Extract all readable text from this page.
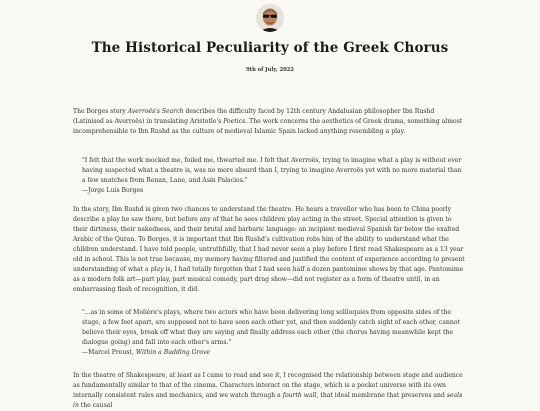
The Historical Peculiarity of the Greek Chorus
9th of July, 2022

The Borges story Averroës's Search describes the difficulty faced by 12th century Andalusian philosopher Ibn Rushd (Latinised as Averroës) in translating Aristotle's Poetics. The work concerns the aesthetics of Greek drama, something almost incomprehensible to Ibn Rushd as the culture of medieval Islamic Spain lacked anything resembling a play.

"I felt that the work mocked me, foiled me, thwarted me. I felt that Averroës, trying to imagine what a play is without ever having suspected what a theatre is, was no more absurd than I, trying to imagine Averroës yet with no more material than a few snatches from Renan, Lane, and Asín Palacios."
—Jorge Luis Borges

In the story, Ibn Rushd is given two chances to understand the theatre. He hears a traveller who has been to China poorly describe a play he saw there, but before any of that he sees children play acting in the street. Special attention is given to their dirtiness, their nakedness, and their brutal and barbaric language: an incipient medieval Spanish far below the exalted Arabic of the Quran. To Borges, it is important that Ibn Rushd's cultivation robs him of the ability to understand what the children understand. I have told people, untruthfully, that I had never seen a play before I first read Shakespeare as a 13 year old in school. This is not true because, my memory having filtered and justified the content of experience according to present understanding of what a play is, I had totally forgotten that I had seen half a dozen pantomime shows by that age. Pantomime as a modern folk art—part play, part musical comedy, part drag show—did not register as a form of theatre until, in an embarrassing flash of recognition, it did.

"...as in some of Molière's plays, where two actors who have been delivering long soliloquies from opposite sides of the stage, a few feet apart, are supposed not to have seen each other yet, and then suddenly catch sight of each other, cannot believe their eyes, break off what they are saying and finally address each other (the chorus having meanwhile kept the dialogue going) and fall into each other's arms."
—Marcel Proust, Within a Budding Grove

In the theatre of Shakespeare, at least as I came to read and see it, I recognised the relationship between stage and audience as fundamentally similar to that of the cinema. Characters interact on the stage, which is a pocket universe with its own internally consistent rules and mechanics, and we watch through a fourth wall, that ideal membrane that preserves and seals in the causal
